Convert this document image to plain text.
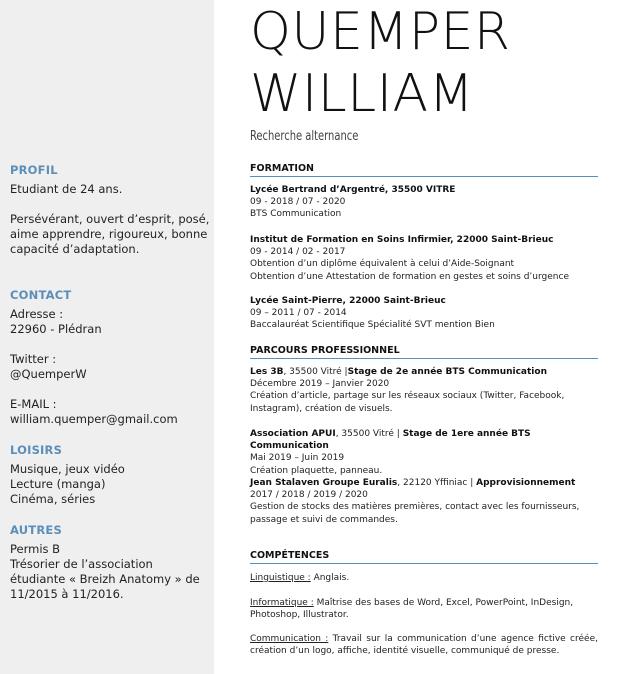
PROFIL

Etudiant de 24 ans.

Persévérant, ouvert d’esprit, posé, aime apprendre, rigoureux, bonne capacité d’adaptation.

CONTACT

Adresse :

22960 - Plédran

Twitter :

@QuemperW

E-MAIL :

william.quemper@gmail.com

LOISIRS

Musique, jeux vidéo

Lecture (manga)

Cinéma, séries

AUTRES

Permis B

Trésorier de l’association étudiante « Breizh Anatomy » de 11/2015 à 11/2016.

QUEMPER
WILLIAM
Recherche alternance
FORMATION

Lycée Bertrand d’Argentré, 35500 VITRE

09 - 2018 / 07 - 2020

BTS Communication

Institut de Formation en Soins Infirmier, 22000 Saint-Brieuc

09 - 2014 / 02 - 2017

Obtention d’un diplôme équivalent à celui d’Aide-Soignant

Obtention d’une Attestation de formation en gestes et soins d’urgence

Lycée Saint-Pierre, 22000 Saint-Brieuc

09 – 2011 / 07 - 2014

Baccalauréat Scientifique Spécialité SVT mention Bien

PARCOURS PROFESSIONNEL

Les 3B, 35500 Vitré |Stage de 2e année BTS Communication

Décembre 2019 – Janvier 2020

Création d’article, partage sur les réseaux sociaux (Twitter, Facebook, Instagram), création de visuels.

Association APUI, 35500 Vitré | Stage de 1ere année BTS Communication

Mai 2019 – Juin 2019

Création plaquette, panneau.

Jean Stalaven Groupe Euralis, 22120 Yffiniac | Approvisionnement

2017 / 2018 / 2019 / 2020

Gestion de stocks des matières premières, contact avec les fournisseurs, passage et suivi de commandes.

COMPÉTENCES

Linguistique : Anglais.

Informatique : Maîtrise des bases de Word, Excel, PowerPoint, InDesign, Photoshop, Illustrator.

Communication : Travail sur la communication d’une agence fictive créée, création d’un logo, affiche, identité visuelle, communiqué de presse.
